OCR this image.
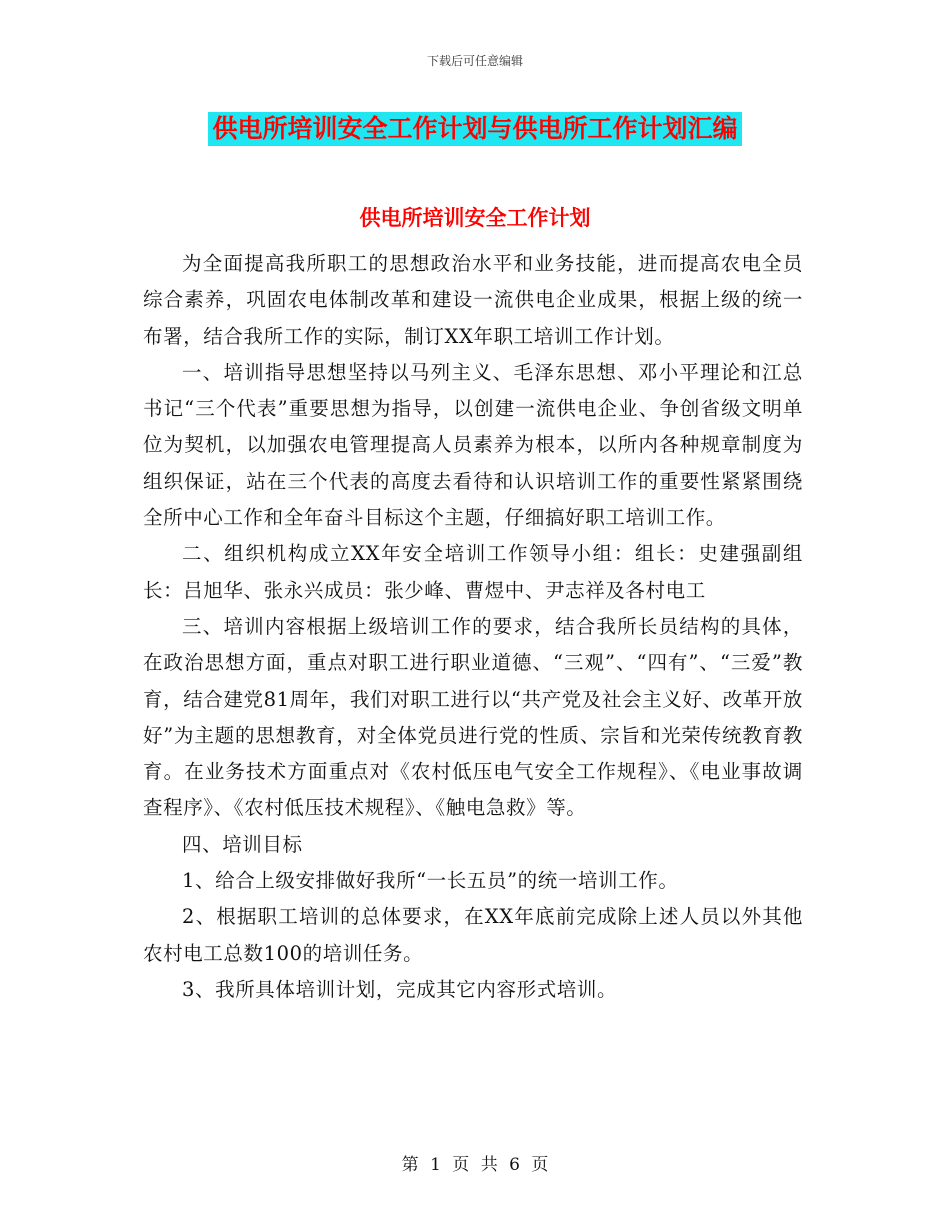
下载后可任意编辑
供电所培训安全工作计划与供电所工作计划汇编
供电所培训安全工作计划

为全面提高我所职工的思想政治水平和业务技能，进而提高农电全员综合素养，巩固农电体制改革和建设一流供电企业成果，根据上级的统一布署，结合我所工作的实际，制订XX年职工培训工作计划。

一、培训指导思想坚持以马列主义、毛泽东思想、邓小平理论和江总书记“三个代表”重要思想为指导，以创建一流供电企业、争创省级文明单位为契机，以加强农电管理提高人员素养为根本，以所内各种规章制度为组织保证，站在三个代表的高度去看待和认识培训工作的重要性紧紧围绕全所中心工作和全年奋斗目标这个主题，仔细搞好职工培训工作。

二、组织机构成立XX年安全培训工作领导小组：组长：史建强副组长：吕旭华、张永兴成员：张少峰、曹煜中、尹志祥及各村电工

三、培训内容根据上级培训工作的要求，结合我所长员结构的具体，在政治思想方面，重点对职工进行职业道德、“三观”、“四有”、“三爱”教育，结合建党81周年，我们对职工进行以“共产党及社会主义好、改革开放好”为主题的思想教育，对全体党员进行党的性质、宗旨和光荣传统教育教育。在业务技术方面重点对《农村低压电气安全工作规程》、《电业事故调查程序》、《农村低压技术规程》、《触电急救》等。

四、培训目标

1、给合上级安排做好我所“一长五员”的统一培训工作。

2、根据职工培训的总体要求，在XX年底前完成除上述人员以外其他农村电工总数100的培训任务。

3、我所具体培训计划，完成其它内容形式培训。

第 1 页 共 6 页
